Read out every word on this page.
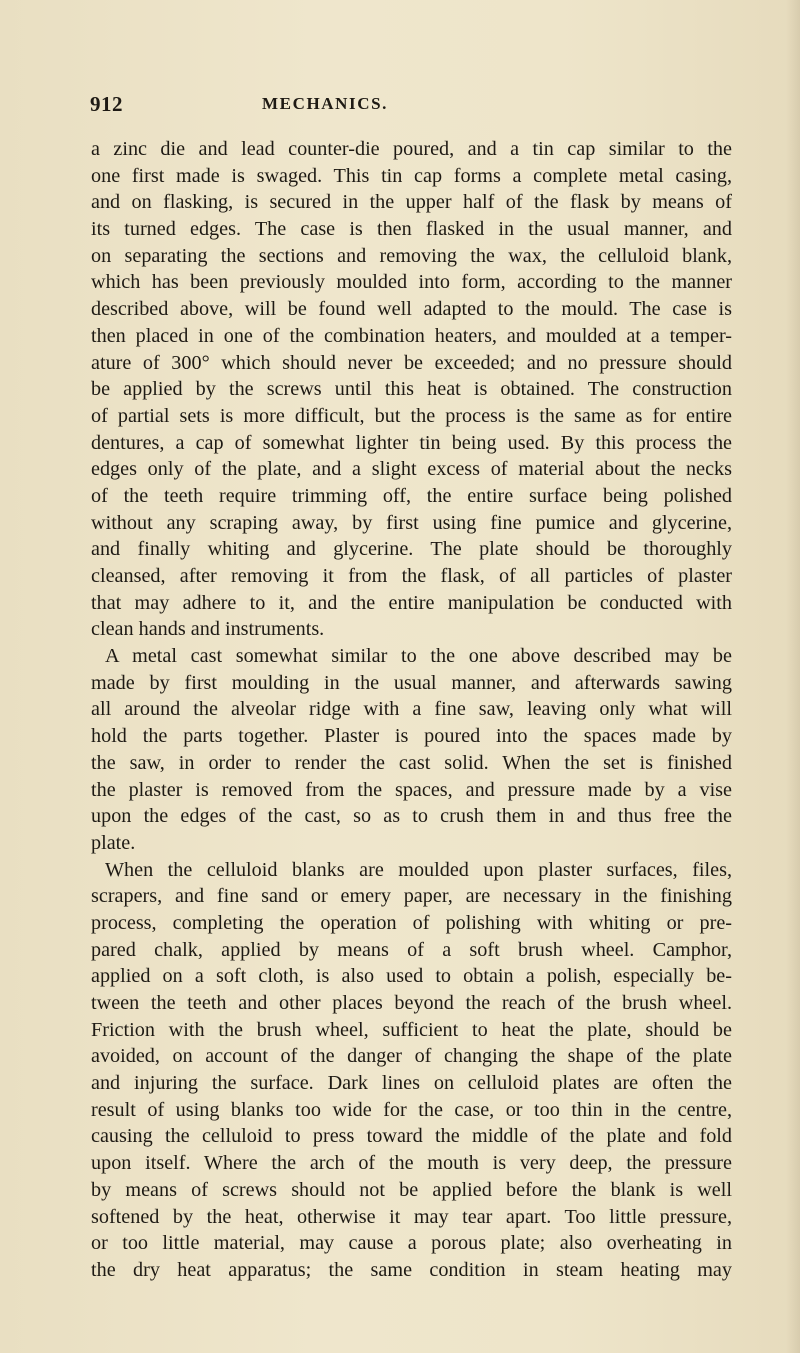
912	MECHANICS.
a zinc die and lead counter-die poured, and a tin cap similar to the
one first made is swaged. This tin cap forms a complete metal casing,
and on flasking, is secured in the upper half of the flask by means of
its turned edges. The case is then flasked in the usual manner, and
on separating the sections and removing the wax, the celluloid blank,
which has been previously moulded into form, according to the manner
described above, will be found well adapted to the mould. The case is
then placed in one of the combination heaters, and moulded at a temper-
ature of 300° which should never be exceeded; and no pressure should
be applied by the screws until this heat is obtained. The construction
of partial sets is more difficult, but the process is the same as for entire
dentures, a cap of somewhat lighter tin being used. By this process the
edges only of the plate, and a slight excess of material about the necks
of the teeth require trimming off, the entire surface being polished
without any scraping away, by first using fine pumice and glycerine,
and finally whiting and glycerine. The plate should be thoroughly
cleansed, after removing it from the flask, of all particles of plaster
that may adhere to it, and the entire manipulation be conducted with
clean hands and instruments.
A metal cast somewhat similar to the one above described may be
made by first moulding in the usual manner, and afterwards sawing
all around the alveolar ridge with a fine saw, leaving only what will
hold the parts together. Plaster is poured into the spaces made by
the saw, in order to render the cast solid. When the set is finished
the plaster is removed from the spaces, and pressure made by a vise
upon the edges of the cast, so as to crush them in and thus free the
plate.
When the celluloid blanks are moulded upon plaster surfaces, files,
scrapers, and fine sand or emery paper, are necessary in the finishing
process, completing the operation of polishing with whiting or pre-
pared chalk, applied by means of a soft brush wheel. Camphor,
applied on a soft cloth, is also used to obtain a polish, especially be-
tween the teeth and other places beyond the reach of the brush wheel.
Friction with the brush wheel, sufficient to heat the plate, should be
avoided, on account of the danger of changing the shape of the plate
and injuring the surface. Dark lines on celluloid plates are often the
result of using blanks too wide for the case, or too thin in the centre,
causing the celluloid to press toward the middle of the plate and fold
upon itself. Where the arch of the mouth is very deep, the pressure
by means of screws should not be applied before the blank is well
softened by the heat, otherwise it may tear apart. Too little pressure,
or too little material, may cause a porous plate; also overheating in
the dry heat apparatus; the same condition in steam heating may
